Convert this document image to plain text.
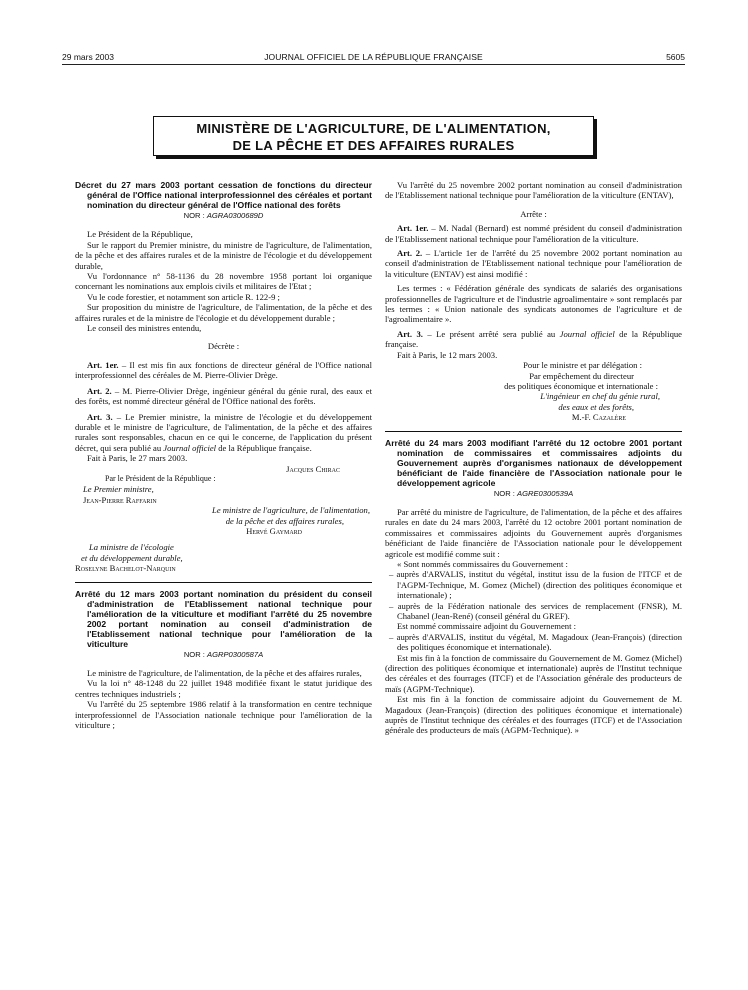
29 mars 2003	JOURNAL OFFICIEL DE LA RÉPUBLIQUE FRANÇAISE	5605
MINISTÈRE DE L'AGRICULTURE, DE L'ALIMENTATION,
DE LA PÊCHE ET DES AFFAIRES RURALES

Décret du 27 mars 2003 portant cessation de fonctions du directeur général de l'Office national interprofessionnel des céréales et portant nomination du directeur général de l'Office national des forêts

NOR : AGRA0300689D

Le Président de la République,

Sur le rapport du Premier ministre, du ministre de l'agriculture, de l'alimentation, de la pêche et des affaires rurales et de la ministre de l'écologie et du développement durable,

Vu l'ordonnance n° 58-1136 du 28 novembre 1958 portant loi organique concernant les nominations aux emplois civils et militaires de l'Etat ;

Vu le code forestier, et notamment son article R. 122-9 ;

Sur proposition du ministre de l'agriculture, de l'alimentation, de la pêche et des affaires rurales et de la ministre de l'écologie et du développement durable ;

Le conseil des ministres entendu,

Décrète :

Art. 1er. – Il est mis fin aux fonctions de directeur général de l'Office national interprofessionnel des céréales de M. Pierre-Olivier Drège.

Art. 2. – M. Pierre-Olivier Drège, ingénieur général du génie rural, des eaux et des forêts, est nommé directeur général de l'Office national des forêts.

Art. 3. – Le Premier ministre, la ministre de l'écologie et du développement durable et le ministre de l'agriculture, de l'alimentation, de la pêche et des affaires rurales sont responsables, chacun en ce qui le concerne, de l'application du présent décret, qui sera publié au Journal officiel de la République française.

Fait à Paris, le 27 mars 2003.

Jacques Chirac

Par le Président de la République :

Le Premier ministre,

Jean-Pierre Raffarin

Le ministre de l'agriculture, de l'alimentation,

de la pêche et des affaires rurales,

Hervé Gaymard

La ministre de l'écologie

et du développement durable,

Roselyne Bachelot-Narquin

Arrêté du 12 mars 2003 portant nomination du président du conseil d'administration de l'Etablissement national technique pour l'amélioration de la viticulture et modifiant l'arrêté du 25 novembre 2002 portant nomination au conseil d'administration de l'Etablissement national technique pour l'amélioration de la viticulture

NOR : AGRP0300587A

Le ministre de l'agriculture, de l'alimentation, de la pêche et des affaires rurales,

Vu la loi n° 48-1248 du 22 juillet 1948 modifiée fixant le statut juridique des centres techniques industriels ;

Vu l'arrêté du 25 septembre 1986 relatif à la transformation en centre technique interprofessionnel de l'Association nationale technique pour l'amélioration de la viticulture ;

Vu l'arrêté du 25 novembre 2002 portant nomination au conseil d'administration de l'Etablissement national technique pour l'amélioration de la viticulture (ENTAV),

Arrête :

Art. 1er. – M. Nadal (Bernard) est nommé président du conseil d'administration de l'Etablissement national technique pour l'amélioration de la viticulture.

Art. 2. – L'article 1er de l'arrêté du 25 novembre 2002 portant nomination au conseil d'administration de l'Etablissement national technique pour l'amélioration de la viticulture (ENTAV) est ainsi modifié :

Les termes : « Fédération générale des syndicats de salariés des organisations professionnelles de l'agriculture et de l'industrie agroalimentaire » sont remplacés par les termes : « Union nationale des syndicats autonomes de l'agriculture et de l'agroalimentaire ».

Art. 3. – Le présent arrêté sera publié au Journal officiel de la République française.

Fait à Paris, le 12 mars 2003.

Pour le ministre et par délégation :

Par empêchement du directeur

des politiques économique et internationale :

L'ingénieur en chef du génie rural,

des eaux et des forêts,

M.-F. Cazalère

Arrêté du 24 mars 2003 modifiant l'arrêté du 12 octobre 2001 portant nomination de commissaires et commissaires adjoints du Gouvernement auprès d'organismes nationaux de développement bénéficiant de l'aide financière de l'Association nationale pour le développement agricole

NOR : AGRE0300539A

Par arrêté du ministre de l'agriculture, de l'alimentation, de la pêche et des affaires rurales en date du 24 mars 2003, l'arrêté du 12 octobre 2001 portant nomination de commissaires et commissaires adjoints du Gouvernement auprès d'organismes bénéficiant de l'aide financière de l'Association nationale pour le développement agricole est modifié comme suit :

« Sont nommés commissaires du Gouvernement :

– auprès d'ARVALIS, institut du végétal, institut issu de la fusion de l'ITCF et de l'AGPM-Technique, M. Gomez (Michel) (direction des politiques économique et internationale) ;

– auprès de la Fédération nationale des services de remplacement (FNSR), M. Chabanel (Jean-René) (conseil général du GREF).

Est nommé commissaire adjoint du Gouvernement :

– auprès d'ARVALIS, institut du végétal, M. Magadoux (Jean-François) (direction des politiques économique et internationale).

Est mis fin à la fonction de commissaire du Gouvernement de M. Gomez (Michel) (direction des politiques économique et internationale) auprès de l'Institut technique des céréales et des fourrages (ITCF) et de l'Association générale des producteurs de maïs (AGPM-Technique).

Est mis fin à la fonction de commissaire adjoint du Gouvernement de M. Magadoux (Jean-François) (direction des politiques économique et internationale) auprès de l'Institut technique des céréales et des fourrages (ITCF) et de l'Association générale des producteurs de maïs (AGPM-Technique). »
